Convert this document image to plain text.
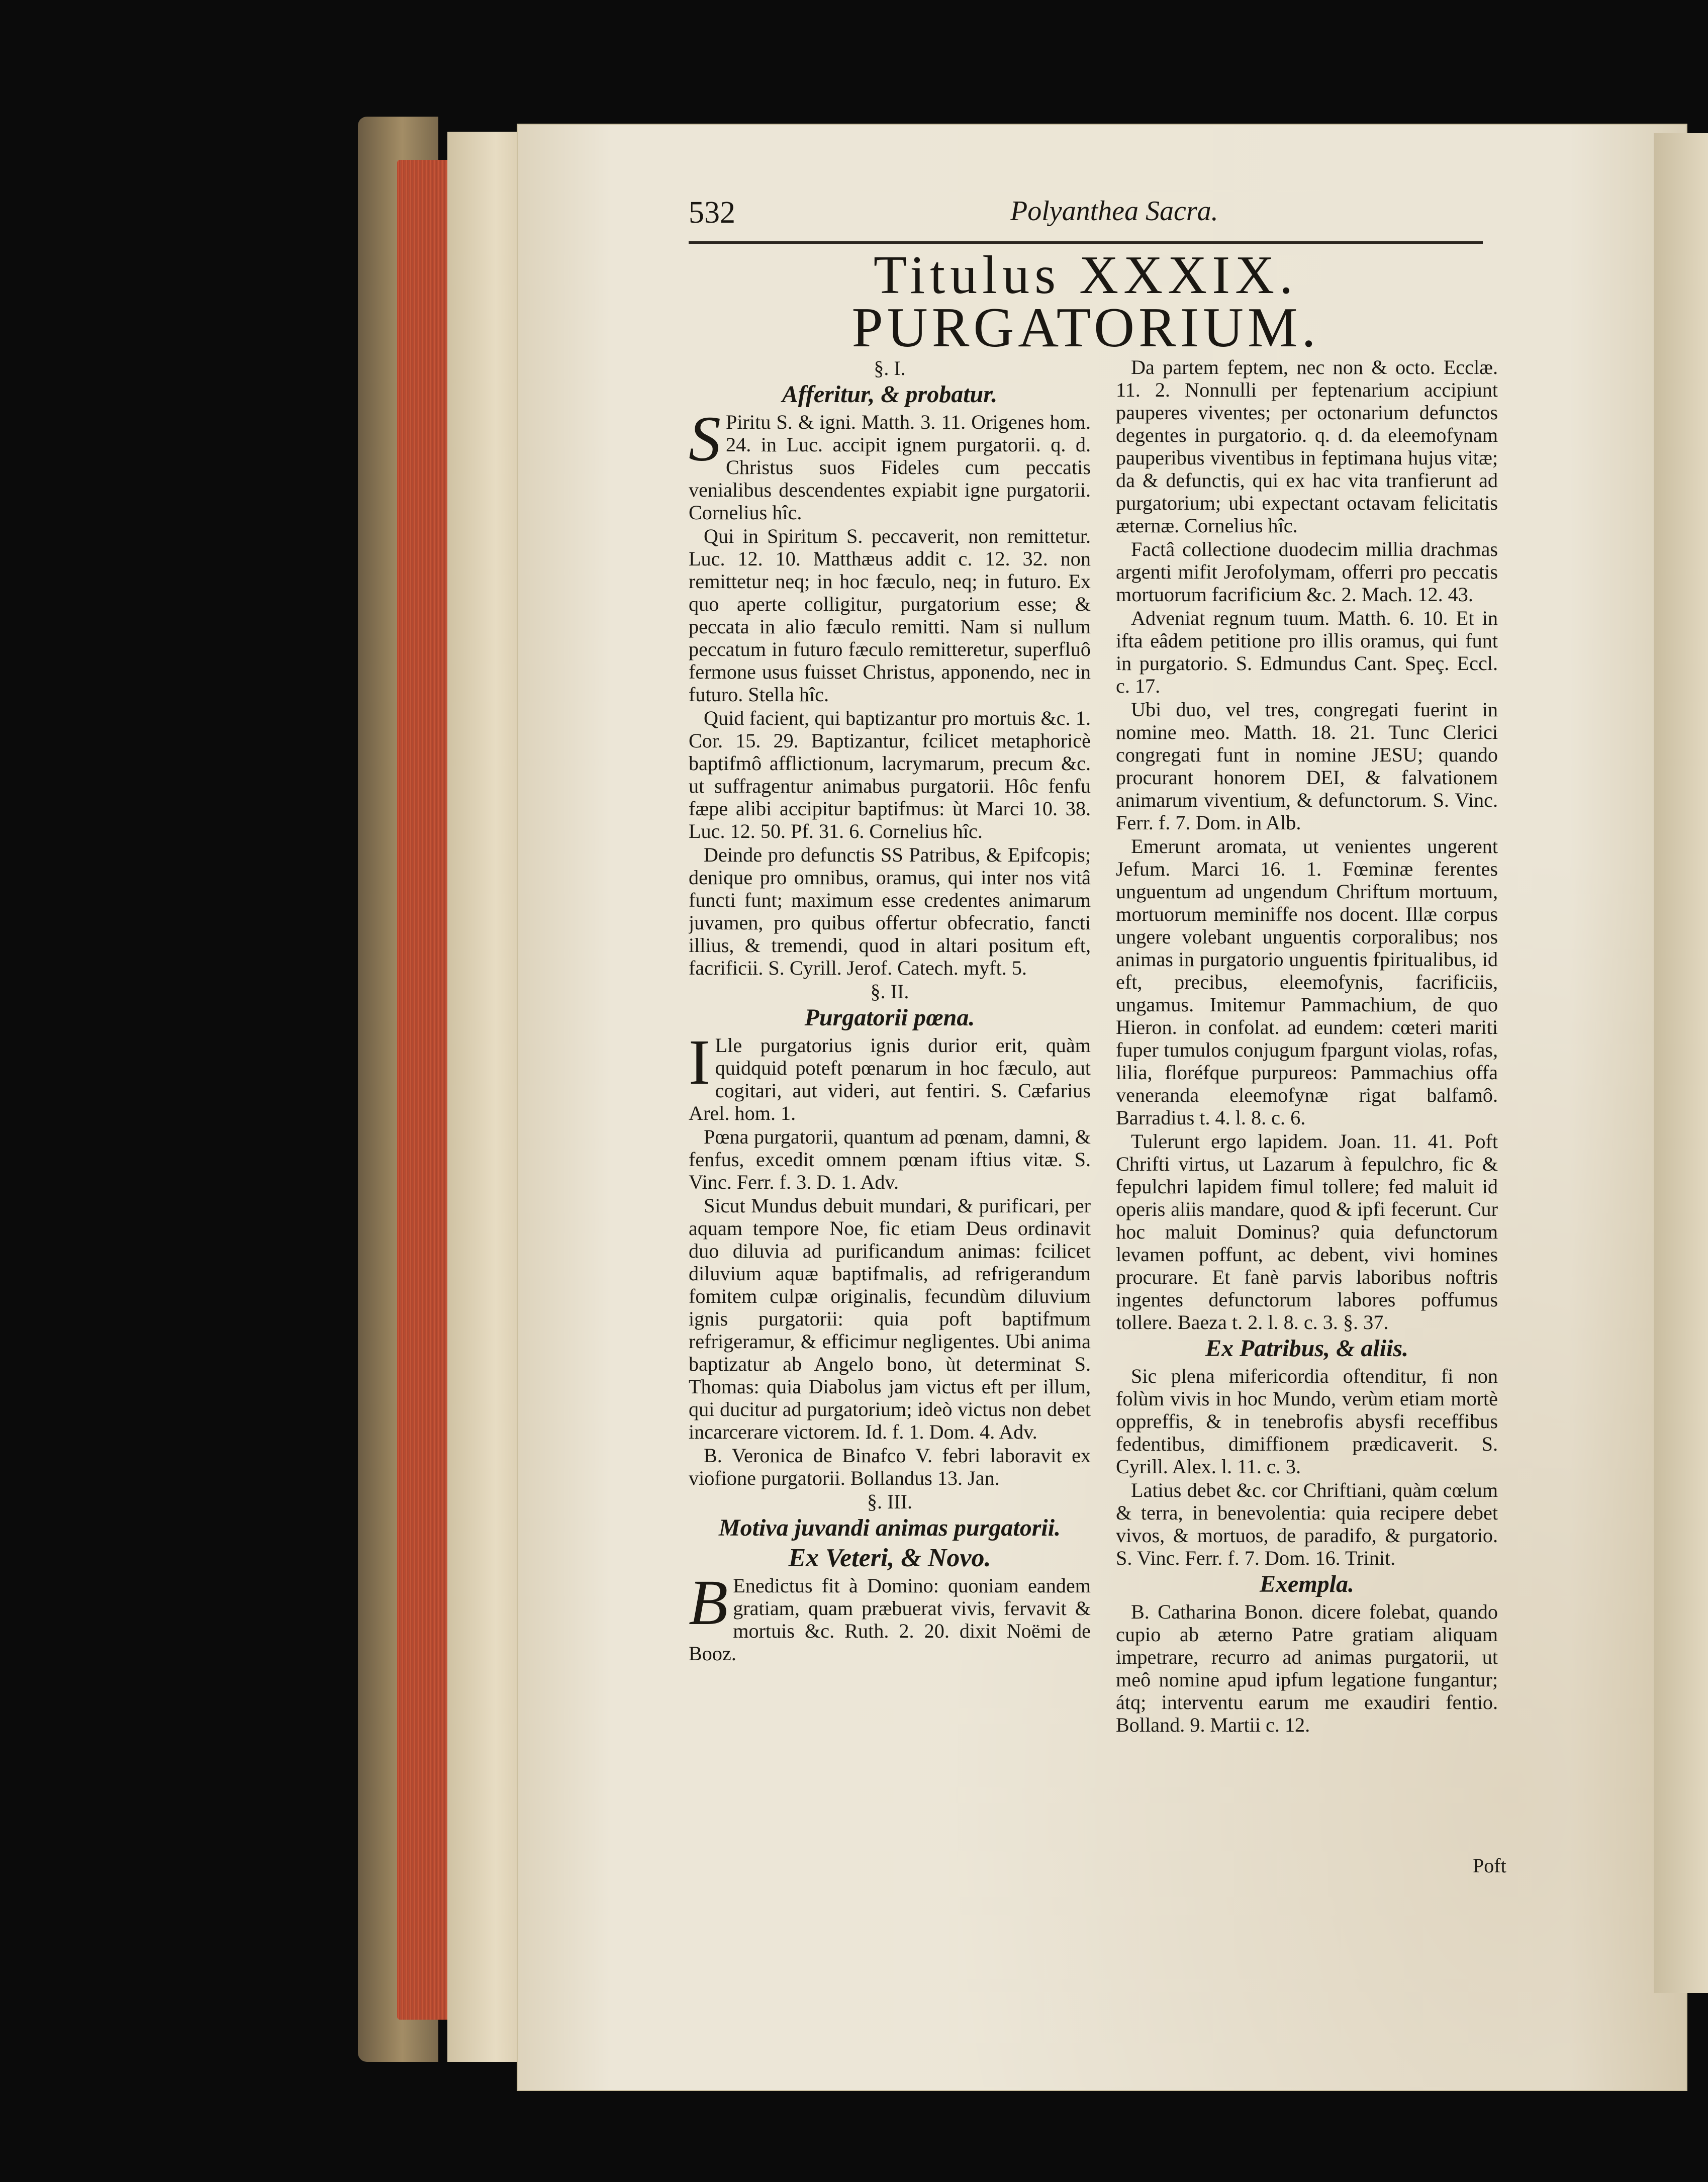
532	Polyanthea Sacra.
Titulus XXXIX.
PURGATORIUM.
§. I.
Afferitur, & probatur.

S Piritu S. & igni. Matth. 3. 11. Origenes hom. 24. in Luc. accipit ignem purgatorii. q. d. Christus suos Fideles cum peccatis venialibus descendentes expiabit igne purgatorii. Cornelius hîc.

Qui in Spiritum S. peccaverit, non remittetur. Luc. 12. 10. Matthæus addit c. 12. 32. non remittetur neq; in hoc fæculo, neq; in futuro. Ex quo aperte colligitur, purgatorium esse; & peccata in alio fæculo remitti. Nam si nullum peccatum in futuro fæculo remitteretur, superfluô fermone usus fuisset Christus, apponendo, nec in futuro. Stella hîc.

Quid facient, qui baptizantur pro mortuis &c. 1. Cor. 15. 29. Baptizantur, fcilicet metaphoricè baptifmô afflictionum, lacrymarum, precum &c. ut suffragentur animabus purgatorii. Hôc fenfu fæpe alibi accipitur baptifmus: ùt Marci 10. 38. Luc. 12. 50. Pf. 31. 6. Cornelius hîc.

Deinde pro defunctis SS Patribus, & Epifcopis; denique pro omnibus, oramus, qui inter nos vitâ functi funt; maximum esse credentes animarum juvamen, pro quibus offertur obfecratio, fancti illius, & tremendi, quod in altari positum eft, facrificii. S. Cyrill. Jerof. Catech. myft. 5.

§. II.
Purgatorii pœna.

I Lle purgatorius ignis durior erit, quàm quidquid poteft pœnarum in hoc fæculo, aut cogitari, aut videri, aut fentiri. S. Cæfarius Arel. hom. 1.

Pœna purgatorii, quantum ad pœnam, damni, & fenfus, excedit omnem pœnam iftius vitæ. S. Vinc. Ferr. f. 3. D. 1. Adv.

Sicut Mundus debuit mundari, & purificari, per aquam tempore Noe, fic etiam Deus ordinavit duo diluvia ad purificandum animas: fcilicet diluvium aquæ baptifmalis, ad refrigerandum fomitem culpæ originalis, fecundùm diluvium ignis purgatorii: quia poft baptifmum refrigeramur, & efficimur negligentes. Ubi anima baptizatur ab Angelo bono, ùt determinat S. Thomas: quia Diabolus jam victus eft per illum, qui ducitur ad purgatorium; ideò victus non debet incarcerare victorem. Id. f. 1. Dom. 4. Adv.

B. Veronica de Binafco V. febri laboravit ex viofione purgatorii. Bollandus 13. Jan.

§. III.
Motiva juvandi animas purgatorii.
Ex Veteri, & Novo.

B Enedictus fit à Domino: quoniam eandem gratiam, quam præbuerat vivis, fervavit & mortuis &c. Ruth. 2. 20. dixit Noëmi de Booz.

Da partem feptem, nec non & octo. Ecclæ. 11. 2. Nonnulli per feptenarium accipiunt pauperes viventes; per octonarium defunctos degentes in purgatorio. q. d. da eleemofynam pauperibus viventibus in feptimana hujus vitæ; da & defunctis, qui ex hac vita tranfierunt ad purgatorium; ubi expectant octavam felicitatis æternæ. Cornelius hîc.

Factâ collectione duodecim millia drachmas argenti mifit Jerofolymam, offerri pro peccatis mortuorum facrificium &c. 2. Mach. 12. 43.

Adveniat regnum tuum. Matth. 6. 10. Et in ifta eâdem petitione pro illis oramus, qui funt in purgatorio. S. Edmundus Cant. Speç. Eccl. c. 17.

Ubi duo, vel tres, congregati fuerint in nomine meo. Matth. 18. 21. Tunc Clerici congregati funt in nomine JESU; quando procurant honorem DEI, & falvationem animarum viventium, & defunctorum. S. Vinc. Ferr. f. 7. Dom. in Alb.

Emerunt aromata, ut venientes ungerent Jefum. Marci 16. 1. Fœminæ ferentes unguentum ad ungendum Chriftum mortuum, mortuorum meminiffe nos docent. Illæ corpus ungere volebant unguentis corporalibus; nos animas in purgatorio unguentis fpiritualibus, id eft, precibus, eleemofynis, facrificiis, ungamus. Imitemur Pammachium, de quo Hieron. in confolat. ad eundem: cœteri mariti fuper tumulos conjugum fpargunt violas, rofas, lilia, floréfque purpureos: Pammachius offa veneranda eleemofynæ rigat balfamô. Barradius t. 4. l. 8. c. 6.

Tulerunt ergo lapidem. Joan. 11. 41. Poft Chrifti virtus, ut Lazarum à fepulchro, fic & fepulchri lapidem fimul tollere; fed maluit id operis aliis mandare, quod & ipfi fecerunt. Cur hoc maluit Dominus? quia defunctorum levamen poffunt, ac debent, vivi homines procurare. Et fanè parvis laboribus noftris ingentes defunctorum labores poffumus tollere. Baeza t. 2. l. 8. c. 3. §. 37.

Ex Patribus, & aliis.

Sic plena mifericordia oftenditur, fi non folùm vivis in hoc Mundo, verùm etiam mortè oppreffis, & in tenebrofis abysfi receffibus fedentibus, dimiffionem prædicaverit. S. Cyrill. Alex. l. 11. c. 3.

Latius debet &c. cor Chriftiani, quàm cœlum & terra, in benevolentia: quia recipere debet vivos, & mortuos, de paradifo, & purgatorio. S. Vinc. Ferr. f. 7. Dom. 16. Trinit.

Exempla.

B. Catharina Bonon. dicere folebat, quando cupio ab æterno Patre gratiam aliquam impetrare, recurro ad animas purgatorii, ut meô nomine apud ipfum legatione fungantur; átq; interventu earum me exaudiri fentio. Bolland. 9. Martii c. 12.

Poft
